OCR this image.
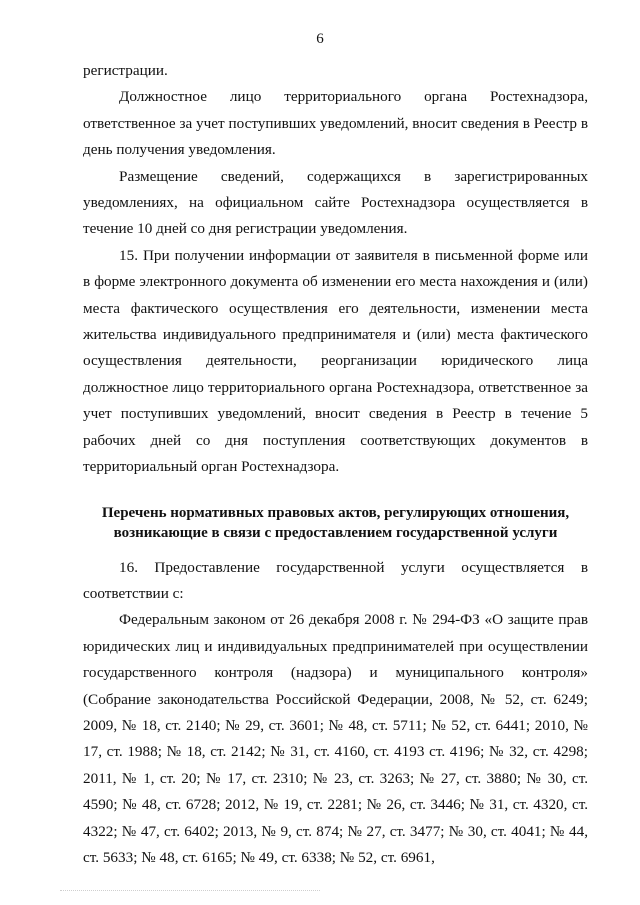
6

регистрации.

Должностное лицо территориального органа Ростехнадзора, ответственное за учет поступивших уведомлений, вносит сведения в Реестр в день получения уведомления.

Размещение сведений, содержащихся в зарегистрированных уведомлениях, на официальном сайте Ростехнадзора осуществляется в течение 10 дней со дня регистрации уведомления.

15. При получении информации от заявителя в письменной форме или в форме электронного документа об изменении его места нахождения и (или) места фактического осуществления его деятельности, изменении места жительства индивидуального предпринимателя и (или) места фактического осуществления деятельности, реорганизации юридического лица должностное лицо территориального органа Ростехнадзора, ответственное за учет поступивших уведомлений, вносит сведения в Реестр в течение 5 рабочих дней со дня поступления соответствующих документов в территориальный орган Ростехнадзора.

Перечень нормативных правовых актов, регулирующих отношения, возникающие в связи с предоставлением государственной услуги

16. Предоставление государственной услуги осуществляется в соответствии с:

Федеральным законом от 26 декабря 2008 г. № 294-ФЗ «О защите прав юридических лиц и индивидуальных предпринимателей при осуществлении государственного контроля (надзора) и муниципального контроля» (Собрание законодательства Российской Федерации, 2008, № 52, ст. 6249; 2009, № 18, ст. 2140; № 29, ст. 3601; № 48, ст. 5711; № 52, ст. 6441; 2010, № 17, ст. 1988; № 18, ст. 2142; № 31, ст. 4160, ст. 4193 ст. 4196; № 32, ст. 4298; 2011, № 1, ст. 20; № 17, ст. 2310; № 23, ст. 3263; № 27, ст. 3880; № 30, ст. 4590; № 48, ст. 6728; 2012, № 19, ст. 2281; № 26, ст. 3446; № 31, ст. 4320, ст. 4322; № 47, ст. 6402; 2013, № 9, ст. 874; № 27, ст. 3477; № 30, ст. 4041; № 44, ст. 5633; № 48, ст. 6165; № 49, ст. 6338; № 52, ст. 6961,
